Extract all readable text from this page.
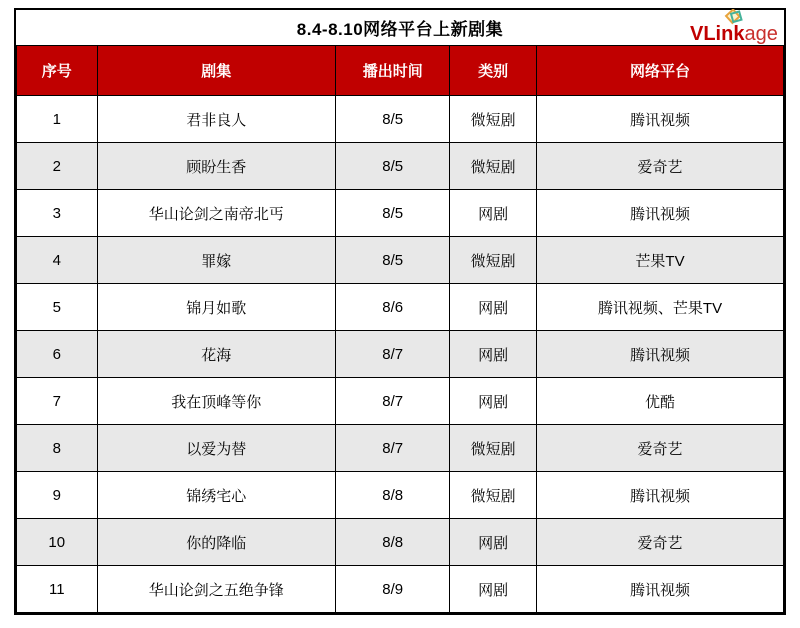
8.4-8.10网络平台上新剧集	VLinkage
序号	剧集	播出时间	类别	网络平台
1	君非良人	8/5	微短剧	腾讯视频
2	顾盼生香	8/5	微短剧	爱奇艺
3	华山论剑之南帝北丐	8/5	网剧	腾讯视频
4	罪嫁	8/5	微短剧	芒果TV
5	锦月如歌	8/6	网剧	腾讯视频、芒果TV
6	花海	8/7	网剧	腾讯视频
7	我在顶峰等你	8/7	网剧	优酷
8	以爱为替	8/7	微短剧	爱奇艺
9	锦绣宅心	8/8	微短剧	腾讯视频
10	你的降临	8/8	网剧	爱奇艺
11	华山论剑之五绝争锋	8/9	网剧	腾讯视频
